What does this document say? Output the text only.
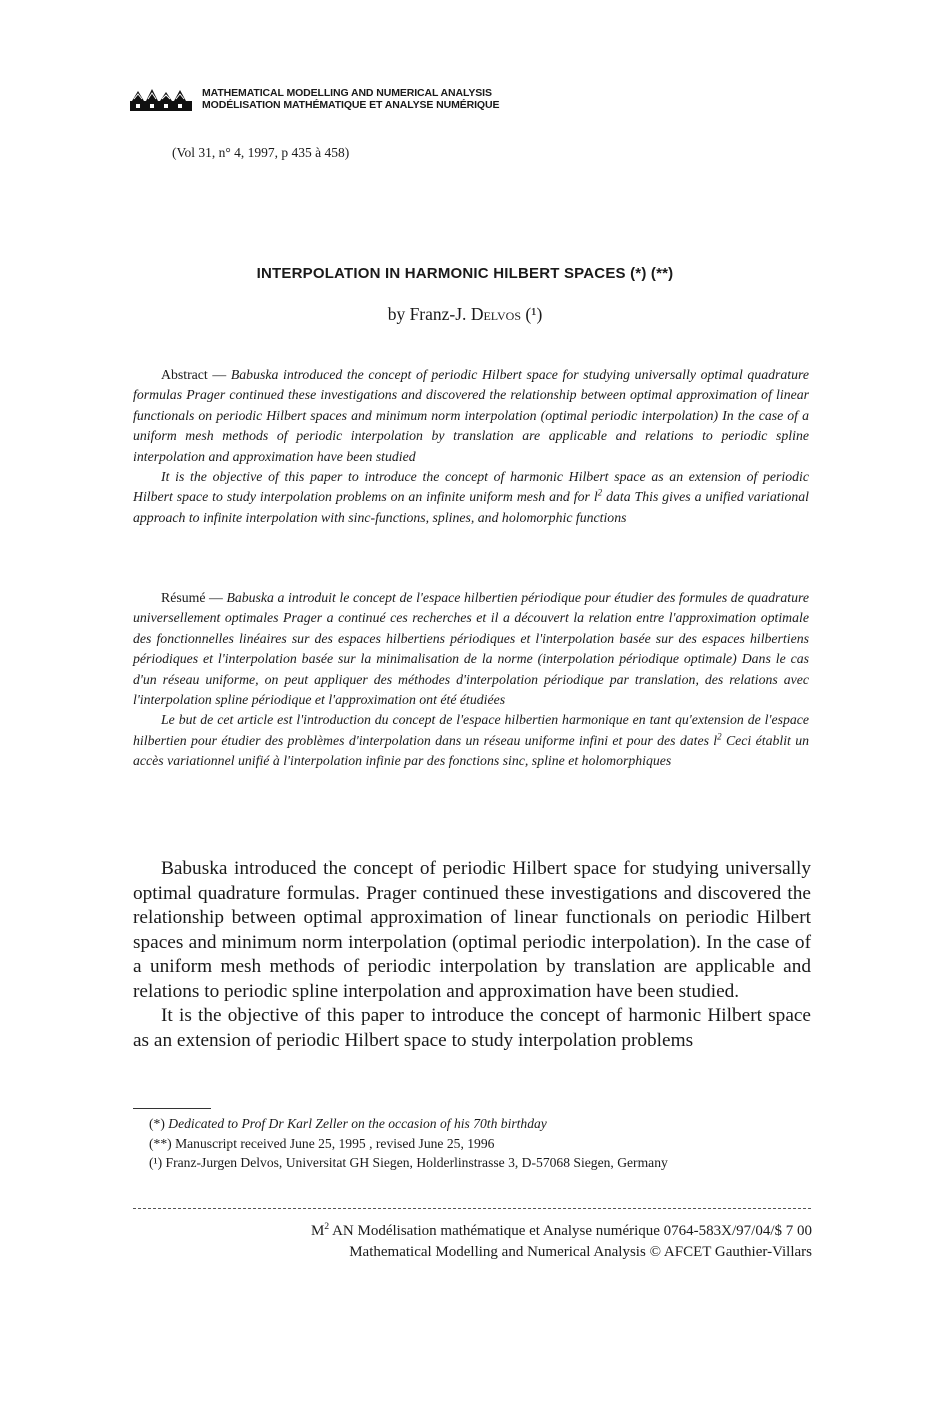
MATHEMATICAL MODELLING AND NUMERICAL ANALYSIS
MODÉLISATION MATHÉMATIQUE ET ANALYSE NUMÉRIQUE
(Vol 31, n° 4, 1997, p 435 à 458)
INTERPOLATION IN HARMONIC HILBERT SPACES (*) (**)
by Franz-J. Delvos (¹)

Abstract — Babuska introduced the concept of periodic Hilbert space for studying universally optimal quadrature formulas Prager continued these investigations and discovered the relationship between optimal approximation of linear functionals on periodic Hilbert spaces and minimum norm interpolation (optimal periodic interpolation) In the case of a uniform mesh methods of periodic interpolation by translation are applicable and relations to periodic spline interpolation and approximation have been studied

It is the objective of this paper to introduce the concept of harmonic Hilbert space as an extension of periodic Hilbert space to study interpolation problems on an infinite uniform mesh and for $l^2$ data This gives a unified variational approach to infinite interpolation with sinc-functions, splines, and holomorphic functions

Résumé — Babuska a introduit le concept de l'espace hilbertien périodique pour étudier des formules de quadrature universellement optimales Prager a continué ces recherches et il a découvert la relation entre l'approximation optimale des fonctionnelles linéaires sur des espaces hilbertiens périodiques et l'interpolation basée sur des espaces hilbertiens périodiques et l'interpolation basée sur la minimalisation de la norme (interpolation périodique optimale) Dans le cas d'un réseau uniforme, on peut appliquer des méthodes d'interpolation périodique par translation, des relations avec l'interpolation spline périodique et l'approximation ont été étudiées

Le but de cet article est l'introduction du concept de l'espace hilbertien harmonique en tant qu'extension de l'espace hilbertien pour étudier des problèmes d'interpolation dans un réseau uniforme infini et pour des dates $l^2$ Ceci établit un accès variationnel unifié à l'interpolation infinie par des fonctions sinc, spline et holomorphiques

Babuska introduced the concept of periodic Hilbert space for studying universally optimal quadrature formulas. Prager continued these investigations and discovered the relationship between optimal approximation of linear functionals on periodic Hilbert spaces and minimum norm interpolation (optimal periodic interpolation). In the case of a uniform mesh methods of periodic interpolation by translation are applicable and relations to periodic spline interpolation and approximation have been studied.

It is the objective of this paper to introduce the concept of harmonic Hilbert space as an extension of periodic Hilbert space to study interpolation problems

(*) Dedicated to Prof Dr Karl Zeller on the occasion of his 70th birthday

(**) Manuscript received June 25, 1995 , revised June 25, 1996

(¹) Franz-Jurgen Delvos, Universitat GH Siegen, Holderlinstrasse 3, D-57068 Siegen, Germany

$M^2$ AN Modélisation mathématique et Analyse numérique 0764-583X/97/04/$ 7 00
Mathematical Modelling and Numerical Analysis © AFCET Gauthier-Villars
